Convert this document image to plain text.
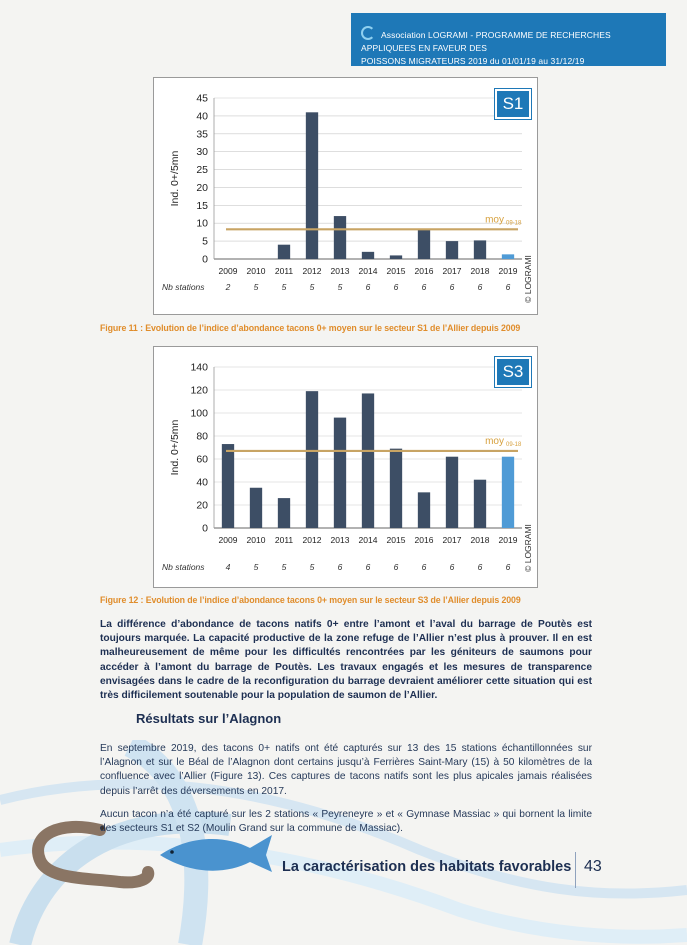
Association LOGRAMI - PROGRAMME DE RECHERCHES APPLIQUEES EN FAVEUR DES
POISSONS MIGRATEURS 2019 du 01/01/19 au 31/12/19
0
5
10
15
20
25
30
35
40
45
Ind. 0+/5mn
2009
2
2010
5
2011
5
2012
5
2013
5
2014
6
2015
6
2016
6
2017
6
2018
6
2019
6
Nb stations
moy 09-18
© LOGRAMI
S1
Figure 11 : Evolution de l’indice d’abondance tacons 0+ moyen sur le secteur S1 de l’Allier depuis 2009
0
20
40
60
80
100
120
140
Ind. 0+/5mn
2009
4
2010
5
2011
5
2012
5
2013
6
2014
6
2015
6
2016
6
2017
6
2018
6
2019
6
Nb stations
moy 09-18
© LOGRAMI
S3
Figure 12 : Evolution de l’indice d’abondance tacons 0+ moyen sur le secteur S3 de l’Allier depuis 2009
La différence d’abondance de tacons natifs 0+ entre l’amont et l’aval du barrage de Poutès est toujours marquée. La capacité productive de la zone refuge de l’Allier n’est plus à prouver. Il en est malheureusement de même pour les difficultés rencontrées par les géniteurs de saumons pour accéder à l’amont du barrage de Poutès. Les travaux engagés et les mesures de transparence envisagées dans le cadre de la reconfiguration du barrage devraient améliorer cette situation qui est très difficilement soutenable pour la population de saumon de l’Allier.
Résultats sur l’Alagnon
En septembre 2019, des tacons 0+ natifs ont été capturés sur 13 des 15 stations échantillonnées sur l’Alagnon et sur le Béal de l’Alagnon dont certains jusqu’à Ferrières Saint-Mary (15) à 50 kilomètres de la confluence avec l’Allier (Figure 13). Ces captures de tacons natifs sont les plus apicales jamais réalisées depuis l’arrêt des déversements en 2017.
Aucun tacon n’a été capturé sur les 2 stations « Peyreneyre » et « Gymnase Massiac » qui bornent la limite des secteurs S1 et S2 (Moulin Grand sur la commune de Massiac).
La caractérisation des habitats favorables 43
